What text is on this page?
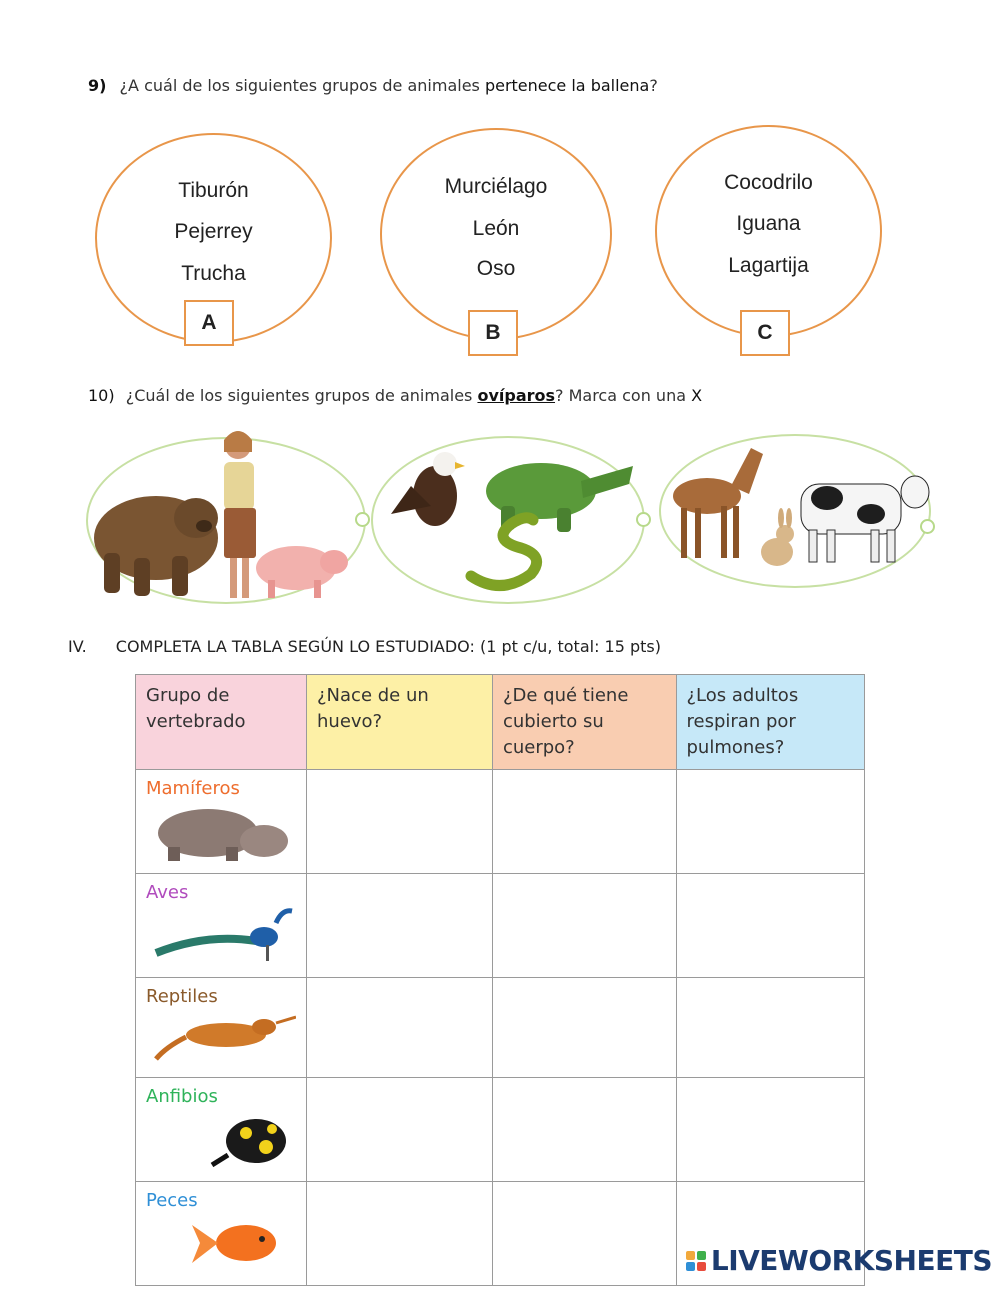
9) ¿A cuál de los siguientes grupos de animales pertenece la ballena?
Tiburón
Pejerrey
Trucha
A
Murciélago
León
Oso
B
Cocodrilo
Iguana
Lagartija
C
10) ¿Cuál de los siguientes grupos de animales ovíparos? Marca con una X
IV. COMPLETA LA TABLA SEGÚN LO ESTUDIADO: (1 pt c/u, total: 15 pts)
Grupo de vertebrado	¿Nace de un huevo?	¿De qué tiene cubierto su cuerpo?	¿Los adultos respiran por pulmones?

Mamíferos			

Aves			

Reptiles			

Anfibios			

Peces			

LIVEWORKSHEETS
